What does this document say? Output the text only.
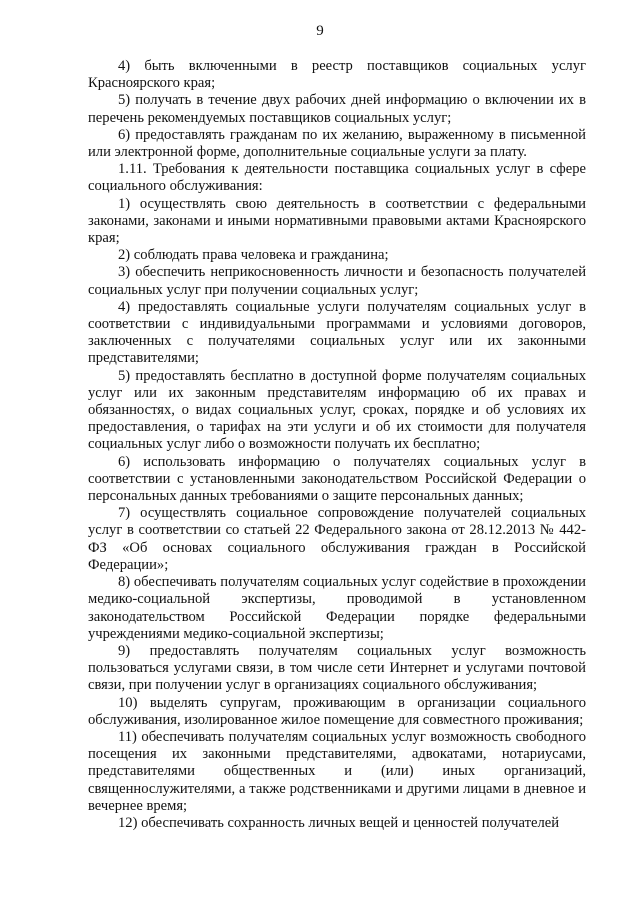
9

4) быть включенными в реестр поставщиков социальных услуг Красноярского края;

5) получать в течение двух рабочих дней информацию о включении их в перечень рекомендуемых поставщиков социальных услуг;

6) предоставлять гражданам по их желанию, выраженному в письменной или электронной форме, дополнительные социальные услуги за плату.

1.11. Требования к деятельности поставщика социальных услуг в сфере социального обслуживания:

1) осуществлять свою деятельность в соответствии с федеральными законами, законами и иными нормативными правовыми актами Красноярского края;

2) соблюдать права человека и гражданина;

3) обеспечить неприкосновенность личности и безопасность получателей социальных услуг при получении социальных услуг;

4) предоставлять социальные услуги получателям социальных услуг в соответствии с индивидуальными программами и условиями договоров, заключенных с получателями социальных услуг или их законными представителями;

5) предоставлять бесплатно в доступной форме получателям социальных услуг или их законным представителям информацию об их правах и обязанностях, о видах социальных услуг, сроках, порядке и об условиях их предоставления, о тарифах на эти услуги и об их стоимости для получателя социальных услуг либо о возможности получать их бесплатно;

6) использовать информацию о получателях социальных услуг в соответствии с установленными законодательством Российской Федерации о персональных данных требованиями о защите персональных данных;

7) осуществлять социальное сопровождение получателей социальных услуг в соответствии со статьей 22 Федерального закона от 28.12.2013 № 442-ФЗ «Об основах социального обслуживания граждан в Российской Федерации»;

8) обеспечивать получателям социальных услуг содействие в прохождении медико-социальной экспертизы, проводимой в установленном законодательством Российской Федерации порядке федеральными учреждениями медико-социальной экспертизы;

9) предоставлять получателям социальных услуг возможность пользоваться услугами связи, в том числе сети Интернет и услугами почтовой связи, при получении услуг в организациях социального обслуживания;

10) выделять супругам, проживающим в организации социального обслуживания, изолированное жилое помещение для совместного проживания;

11) обеспечивать получателям социальных услуг возможность свободного посещения их законными представителями, адвокатами, нотариусами, представителями общественных и (или) иных организаций, священнослужителями, а также родственниками и другими лицами в дневное и вечернее время;

12) обеспечивать сохранность личных вещей и ценностей получателей
